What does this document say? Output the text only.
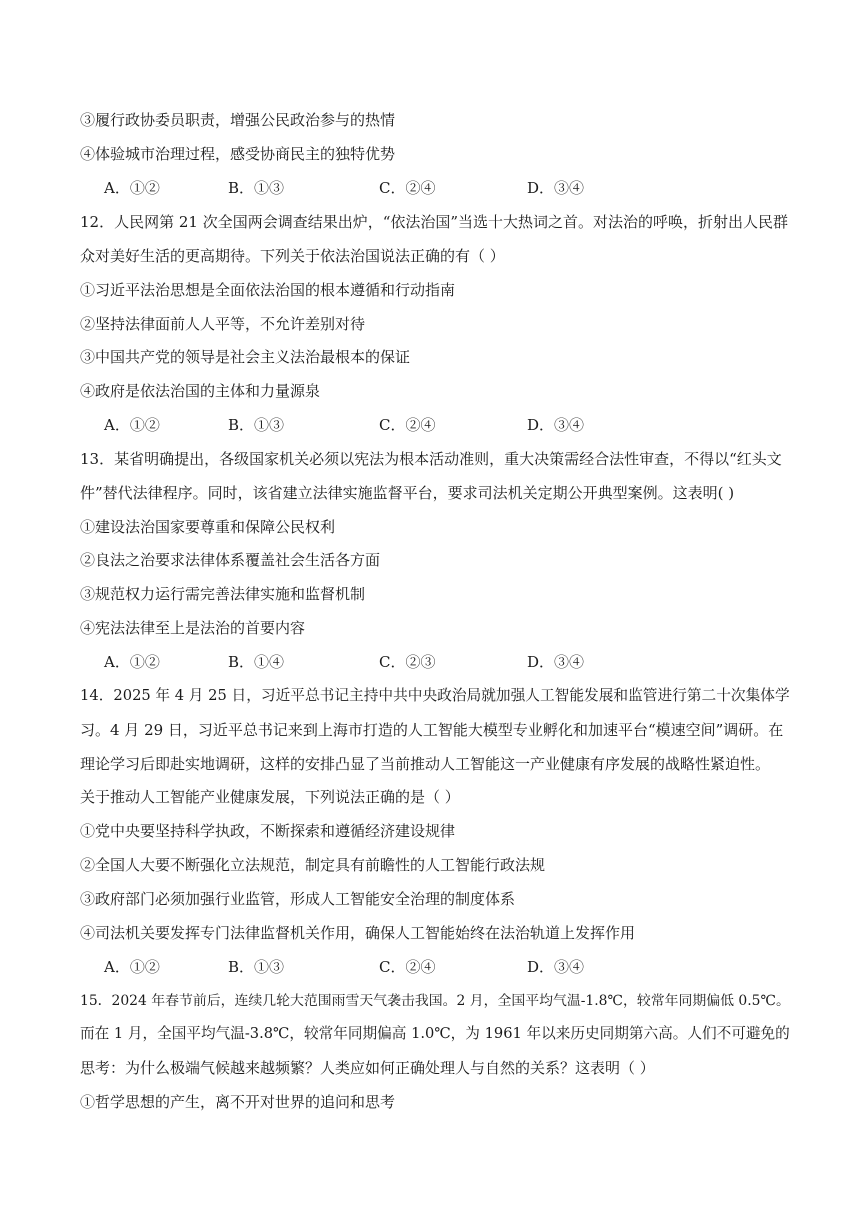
③履行政协委员职责，增强公民政治参与的热情
④体验城市治理过程，感受协商民主的独特优势
A．①②	B．①③	C．②④	D．③④
12．人民网第 21 次全国两会调查结果出炉，“依法治国”当选十大热词之首。对法治的呼唤，折射出人民群
众对美好生活的更高期待。下列关于依法治国说法正确的有（ ）
①习近平法治思想是全面依法治国的根本遵循和行动指南
②坚持法律面前人人平等，不允许差别对待
③中国共产党的领导是社会主义法治最根本的保证
④政府是依法治国的主体和力量源泉
A．①②	B．①③	C．②④	D．③④
13．某省明确提出，各级国家机关必须以宪法为根本活动准则，重大决策需经合法性审查，不得以“红头文
件”替代法律程序。同时，该省建立法律实施监督平台，要求司法机关定期公开典型案例。这表明( )
①建设法治国家要尊重和保障公民权利
②良法之治要求法律体系覆盖社会生活各方面
③规范权力运行需完善法律实施和监督机制
④宪法法律至上是法治的首要内容
A．①②	B．①④	C．②③	D．③④
14．2025 年 4 月 25 日，习近平总书记主持中共中央政治局就加强人工智能发展和监管进行第二十次集体学
习。4 月 29 日，习近平总书记来到上海市打造的人工智能大模型专业孵化和加速平台“模速空间”调研。在
理论学习后即赴实地调研，这样的安排凸显了当前推动人工智能这一产业健康有序发展的战略性紧迫性。
关于推动人工智能产业健康发展，下列说法正确的是（ ）
①党中央要坚持科学执政，不断探索和遵循经济建设规律
②全国人大要不断强化立法规范，制定具有前瞻性的人工智能行政法规
③政府部门必须加强行业监管，形成人工智能安全治理的制度体系
④司法机关要发挥专门法律监督机关作用，确保人工智能始终在法治轨道上发挥作用
A．①②	B．①③	C．②④	D．③④
15．2024 年春节前后，连续几轮大范围雨雪天气袭击我国。2 月，全国平均气温-1.8℃，较常年同期偏低 0.5℃。
而在 1 月，全国平均气温-3.8℃，较常年同期偏高 1.0℃，为 1961 年以来历史同期第六高。人们不可避免的
思考：为什么极端气候越来越频繁？人类应如何正确处理人与自然的关系？这表明（ ）
①哲学思想的产生，离不开对世界的追问和思考
